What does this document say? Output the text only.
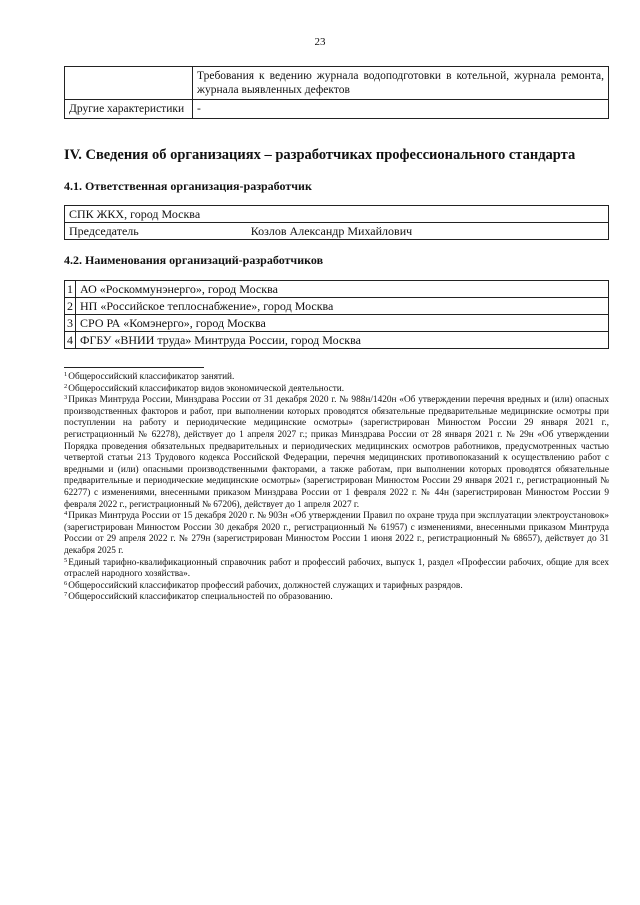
23
	Требования к ведению журнала водоподготовки в котельной, журнала ремонта, журнала выявленных дефектов
Другие характеристики	-
IV. Сведения об организациях – разработчиках профессионального стандарта
4.1. Ответственная организация-разработчик
СПК ЖКХ, город Москва
Председатель	Козлов Александр Михайлович
4.2. Наименования организаций-разработчиков
1	АО «Роскоммунэнерго», город Москва
2	НП «Российское теплоснабжение», город Москва
3	СРО РА «Комэнерго», город Москва
4	ФГБУ «ВНИИ труда» Минтруда России, город Москва

$^1$Общероссийский классификатор занятий.

$^2$Общероссийский классификатор видов экономической деятельности.

$^3$Приказ Минтруда России, Минздрава России от 31 декабря 2020 г. № 988н/1420н «Об утверждении перечня вредных и (или) опасных производственных факторов и работ, при выполнении которых проводятся обязательные предварительные медицинские осмотры при поступлении на работу и периодические медицинские осмотры» (зарегистрирован Минюстом России 29 января 2021 г., регистрационный № 62278), действует до 1 апреля 2027 г.; приказ Минздрава России от 28 января 2021 г. № 29н «Об утверждении Порядка проведения обязательных предварительных и периодических медицинских осмотров работников, предусмотренных частью четвертой статьи 213 Трудового кодекса Российской Федерации, перечня медицинских противопоказаний к осуществлению работ с вредными и (или) опасными производственными факторами, а также работам, при выполнении которых проводятся обязательные предварительные и периодические медицинские осмотры» (зарегистрирован Минюстом России 29 января 2021 г., регистрационный № 62277) с изменениями, внесенными приказом Минздрава России от 1 февраля 2022 г. № 44н (зарегистрирован Минюстом России 9 февраля 2022 г., регистрационный № 67206), действует до 1 апреля 2027 г.

$^4$Приказ Минтруда России от 15 декабря 2020 г. № 903н «Об утверждении Правил по охране труда при эксплуатации электроустановок» (зарегистрирован Минюстом России 30 декабря 2020 г., регистрационный № 61957) с изменениями, внесенными приказом Минтруда России от 29 апреля 2022 г. № 279н (зарегистрирован Минюстом России 1 июня 2022 г., регистрационный № 68657), действует до 31 декабря 2025 г.

$^5$Единый тарифно-квалификационный справочник работ и профессий рабочих, выпуск 1, раздел «Профессии рабочих, общие для всех отраслей народного хозяйства».

$^6$Общероссийский классификатор профессий рабочих, должностей служащих и тарифных разрядов.

$^7$Общероссийский классификатор специальностей по образованию.
